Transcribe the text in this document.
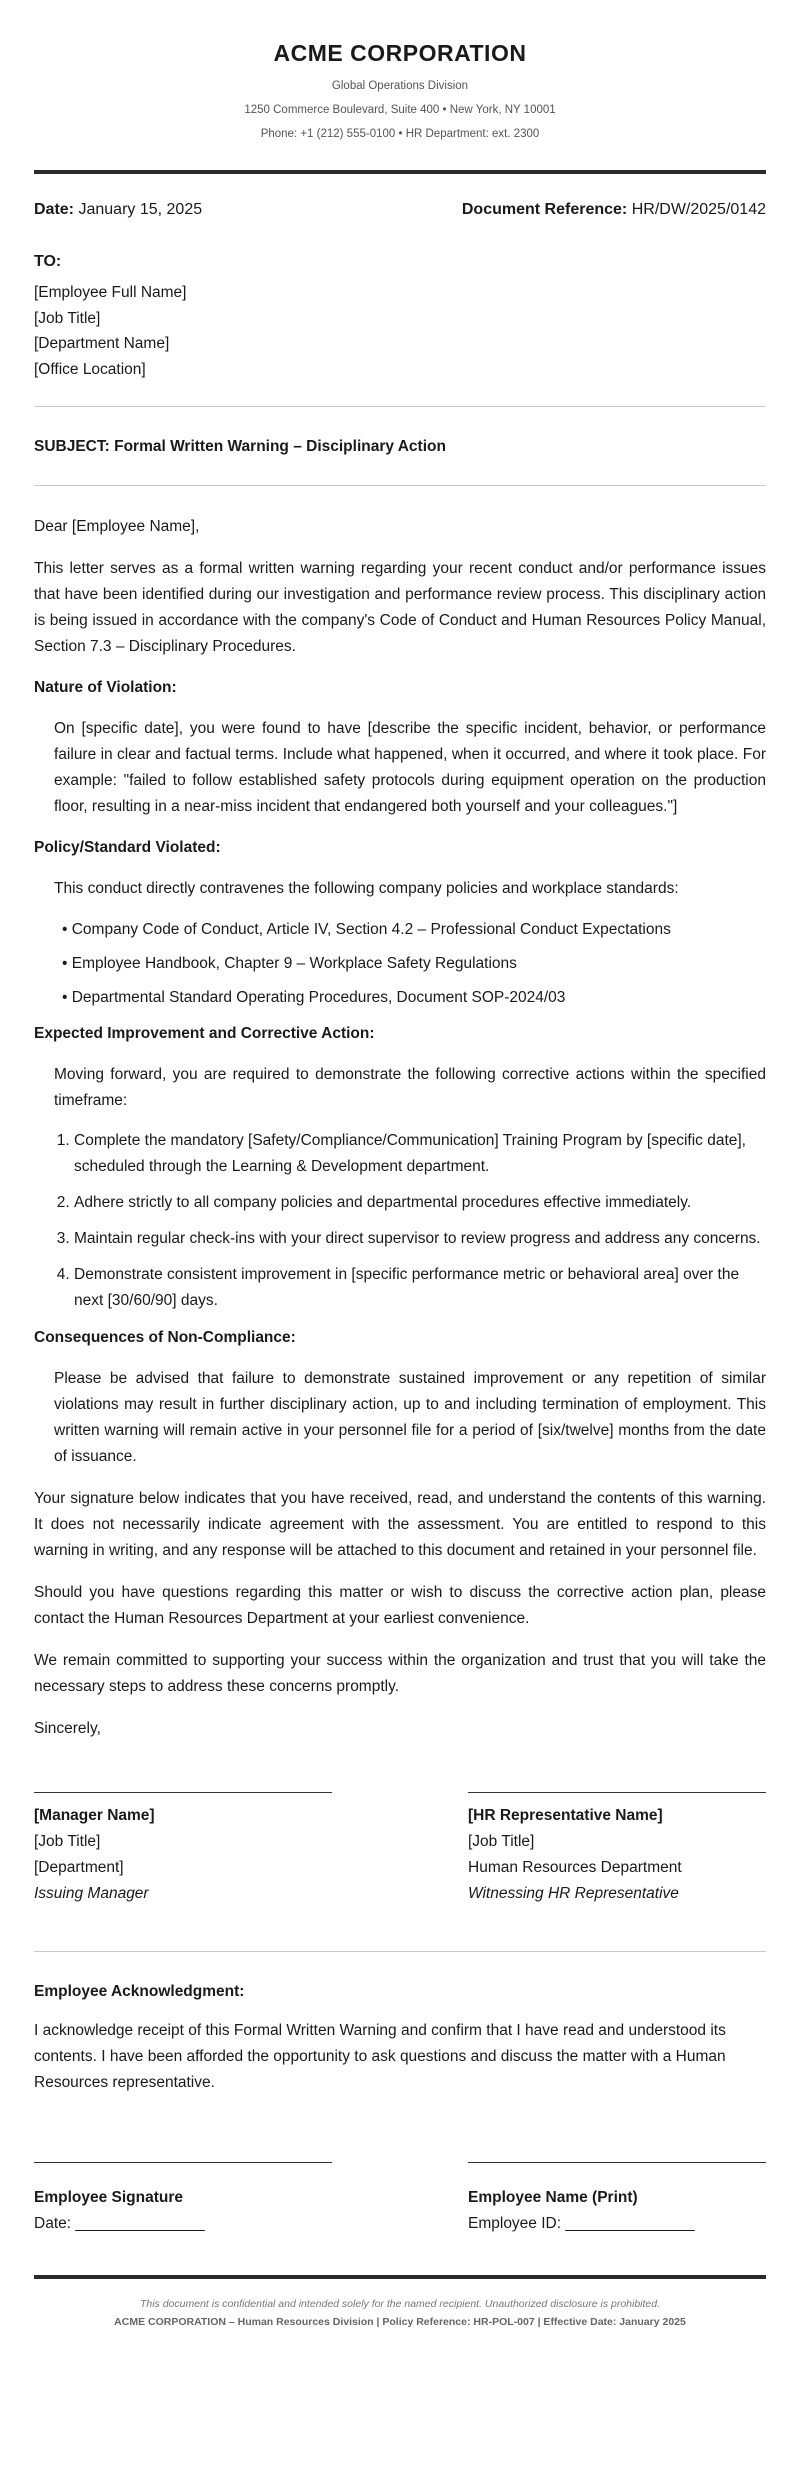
ACME CORPORATION
Global Operations Division
1250 Commerce Boulevard, Suite 400 • New York, NY 10001
Phone: +1 (212) 555-0100 • HR Department: ext. 2300
Date: January 15, 2025	Document Reference: HR/DW/2025/0142
TO:
[Employee Full Name]
[Job Title]
[Department Name]
[Office Location]
SUBJECT: Formal Written Warning – Disciplinary Action

Dear [Employee Name],

This letter serves as a formal written warning regarding your recent conduct and/or performance issues that have been identified during our investigation and performance review process. This disciplinary action is being issued in accordance with the company's Code of Conduct and Human Resources Policy Manual, Section 7.3 – Disciplinary Procedures.

Nature of Violation:

On [specific date], you were found to have [describe the specific incident, behavior, or performance failure in clear and factual terms. Include what happened, when it occurred, and where it took place. For example: "failed to follow established safety protocols during equipment operation on the production floor, resulting in a near-miss incident that endangered both yourself and your colleagues."]

Policy/Standard Violated:

This conduct directly contravenes the following company policies and workplace standards:

• Company Code of Conduct, Article IV, Section 4.2 – Professional Conduct Expectations
• Employee Handbook, Chapter 9 – Workplace Safety Regulations
• Departmental Standard Operating Procedures, Document SOP-2024/03
Expected Improvement and Corrective Action:

Moving forward, you are required to demonstrate the following corrective actions within the specified timeframe:

1. Complete the mandatory [Safety/Compliance/Communication] Training Program by [specific date], scheduled through the Learning & Development department.
2. Adhere strictly to all company policies and departmental procedures effective immediately.
3. Maintain regular check-ins with your direct supervisor to review progress and address any concerns.
4. Demonstrate consistent improvement in [specific performance metric or behavioral area] over the next [30/60/90] days.
Consequences of Non-Compliance:

Please be advised that failure to demonstrate sustained improvement or any repetition of similar violations may result in further disciplinary action, up to and including termination of employment. This written warning will remain active in your personnel file for a period of [six/twelve] months from the date of issuance.

Your signature below indicates that you have received, read, and understand the contents of this warning. It does not necessarily indicate agreement with the assessment. You are entitled to respond to this warning in writing, and any response will be attached to this document and retained in your personnel file.

Should you have questions regarding this matter or wish to discuss the corrective action plan, please contact the Human Resources Department at your earliest convenience.

We remain committed to supporting your success within the organization and trust that you will take the necessary steps to address these concerns promptly.

Sincerely,

[Manager Name]
[Job Title]
[Department]
Issuing Manager
[HR Representative Name]
[Job Title]
Human Resources Department
Witnessing HR Representative
Employee Acknowledgment:

I acknowledge receipt of this Formal Written Warning and confirm that I have read and understood its contents. I have been afforded the opportunity to ask questions and discuss the matter with a Human Resources representative.

Employee Signature
Date: _______________
Employee Name (Print)
Employee ID: _______________
This document is confidential and intended solely for the named recipient. Unauthorized disclosure is prohibited.
ACME CORPORATION – Human Resources Division | Policy Reference: HR-POL-007 | Effective Date: January 2025
